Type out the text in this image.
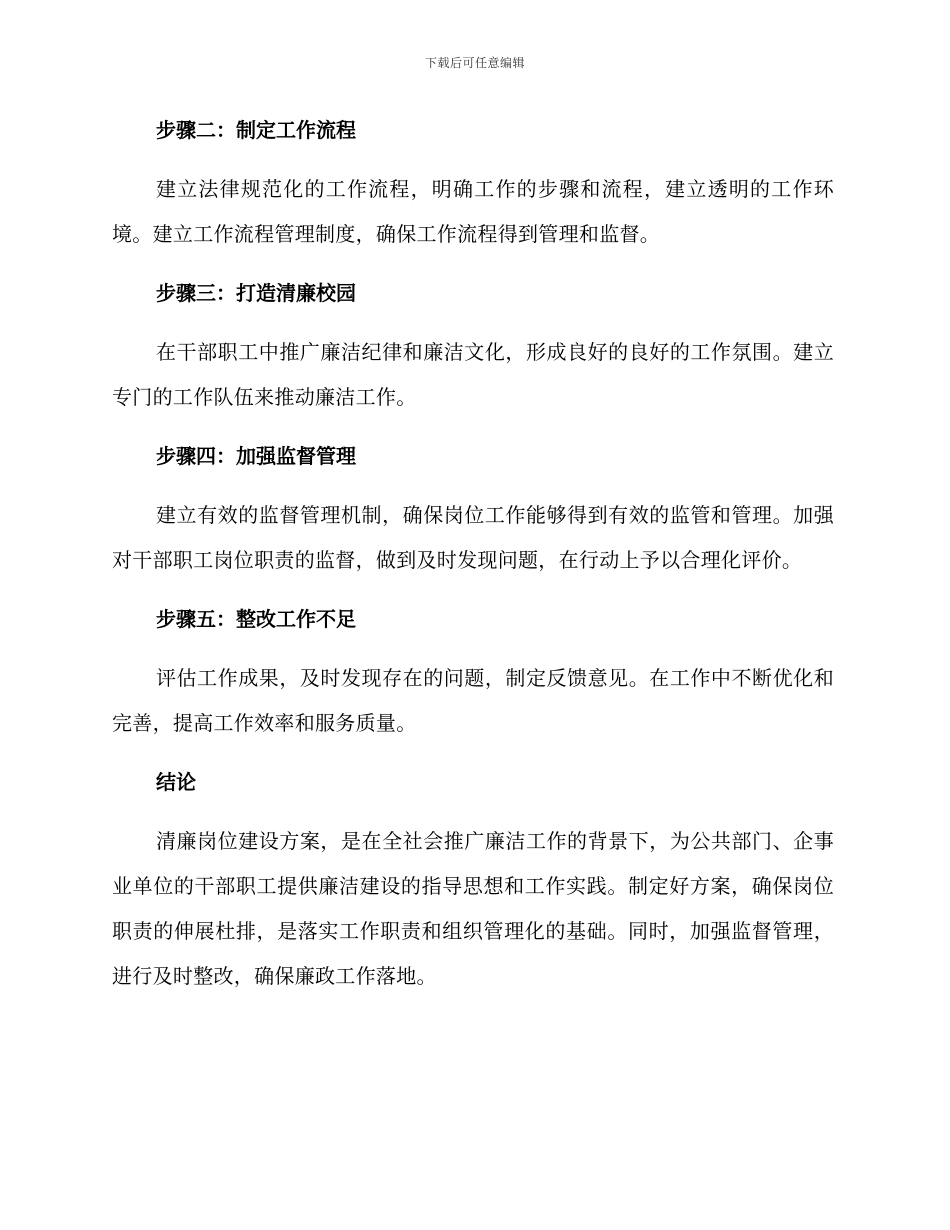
下载后可任意编辑
步骤二：制定工作流程

建立法律规范化的工作流程，明确工作的步骤和流程，建立透明的工作环境。建立工作流程管理制度，确保工作流程得到管理和监督。

步骤三：打造清廉校园

在干部职工中推广廉洁纪律和廉洁文化，形成良好的良好的工作氛围。建立专门的工作队伍来推动廉洁工作。

步骤四：加强监督管理

建立有效的监督管理机制，确保岗位工作能够得到有效的监管和管理。加强对干部职工岗位职责的监督，做到及时发现问题，在行动上予以合理化评价。

步骤五：整改工作不足

评估工作成果，及时发现存在的问题，制定反馈意见。在工作中不断优化和完善，提高工作效率和服务质量。

结论

清廉岗位建设方案，是在全社会推广廉洁工作的背景下，为公共部门、企事业单位的干部职工提供廉洁建设的指导思想和工作实践。制定好方案，确保岗位职责的伸展杜排，是落实工作职责和组织管理化的基础。同时，加强监督管理，进行及时整改，确保廉政工作落地。
